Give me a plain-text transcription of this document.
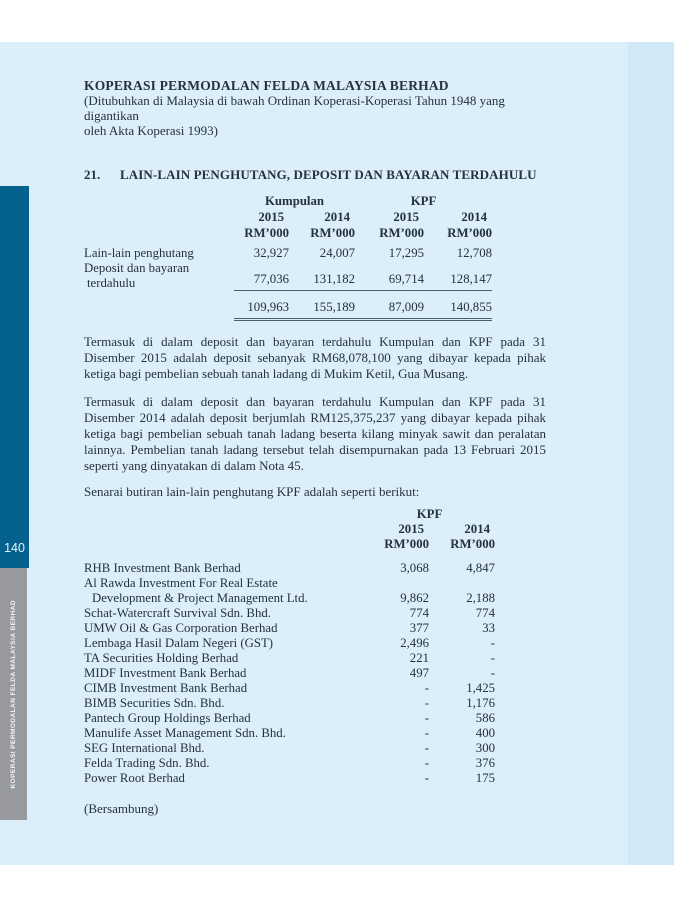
140
KOPERASI PERMODALAN FELDA MALAYSIA BERHAD
KOPERASI PERMODALAN FELDA MALAYSIA BERHAD
(Ditubuhkan di Malaysia di bawah Ordinan Koperasi-Koperasi Tahun 1948 yang digantikan
oleh Akta Koperasi 1993)
21.	LAIN-LAIN PENGHUTANG, DEPOSIT DAN BAYARAN TERDAHULU
Kumpulan	KPF
2015	2014	2015	2014
RM’000	RM’000	RM’000	RM’000
Lain-lain penghutang	32,927	24,007	17,295	12,708
Deposit dan bayaran
terdahulu	77,036	131,182	69,714	128,147
109,963	155,189	87,009	140,855

Termasuk di dalam deposit dan bayaran terdahulu Kumpulan dan KPF pada 31 Disember 2015 adalah deposit sebanyak RM68,078,100 yang dibayar kepada pihak ketiga bagi pembelian sebuah tanah ladang di Mukim Ketil, Gua Musang.

Termasuk di dalam deposit dan bayaran terdahulu Kumpulan dan KPF pada 31 Disember 2014 adalah deposit berjumlah RM125,375,237 yang dibayar kepada pihak ketiga bagi pembelian sebuah tanah ladang beserta kilang minyak sawit dan peralatan lainnya. Pembelian tanah ladang tersebut telah disempurnakan pada 13 Februari 2015 seperti yang dinyatakan di dalam Nota 45.

Senarai butiran lain-lain penghutang KPF adalah seperti berikut:

KPF
2015	2014
RM’000	RM’000
RHB Investment Bank Berhad	3,068	4,847
Al Rawda Investment For Real Estate
Development & Project Management Ltd.	9,862	2,188
Schat-Watercraft Survival Sdn. Bhd.	774	774
UMW Oil & Gas Corporation Berhad	377	33
Lembaga Hasil Dalam Negeri (GST)	2,496	-
TA Securities Holding Berhad	221	-
MIDF Investment Bank Berhad	497	-
CIMB Investment Bank Berhad	-	1,425
BIMB Securities Sdn. Bhd.	-	1,176
Pantech Group Holdings Berhad	-	586
Manulife Asset Management Sdn. Bhd.	-	400
SEG International Bhd.	-	300
Felda Trading Sdn. Bhd.	-	376
Power Root Berhad	-	175

(Bersambung)
